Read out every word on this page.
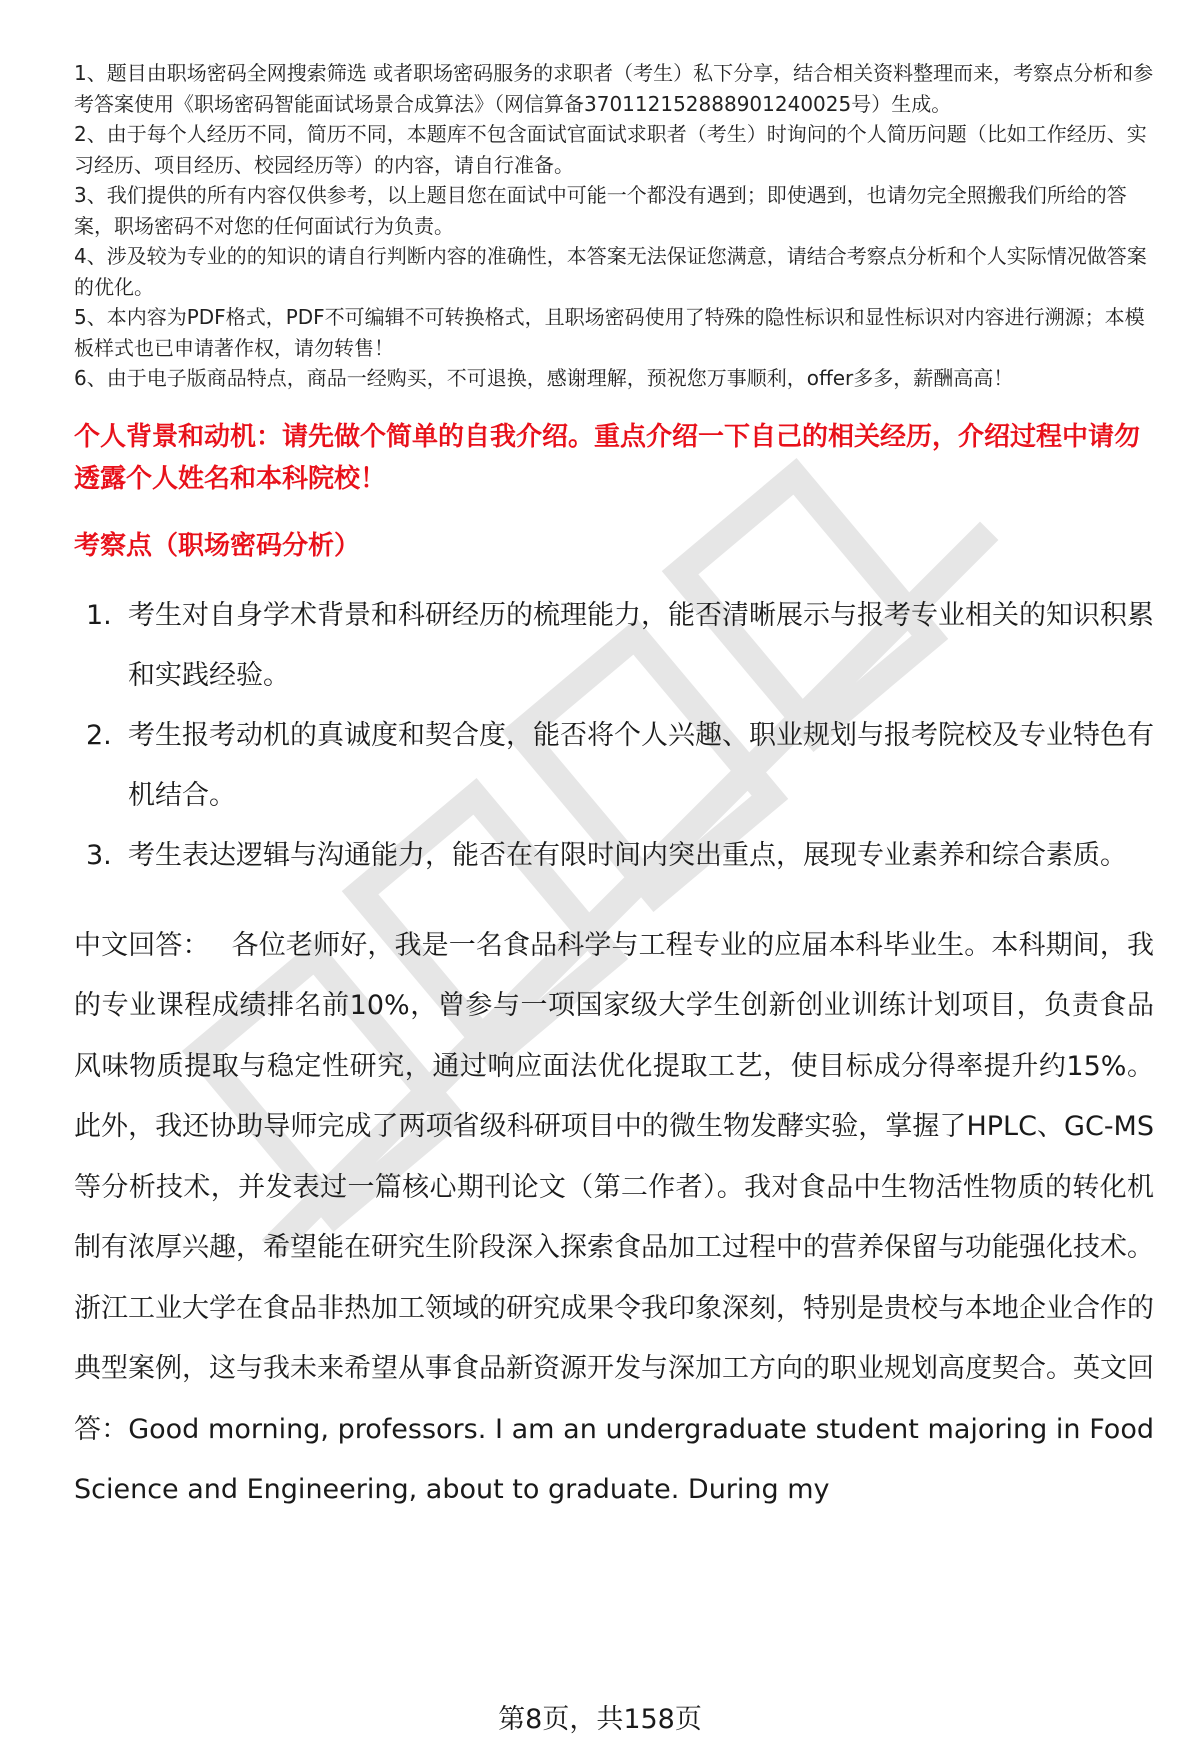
1、题目由职场密码全网搜索筛选 或者职场密码服务的求职者（考生）私下分享，结合相关资料整理而来，考察点分析和参考答案使用《职场密码智能面试场景合成算法》（网信算备370112152888901240025号）生成。

2、由于每个人经历不同，简历不同，本题库不包含面试官面试求职者（考生）时询问的个人简历问题（比如工作经历、实习经历、项目经历、校园经历等）的内容，请自行准备。

3、我们提供的所有内容仅供参考，以上题目您在面试中可能一个都没有遇到；即使遇到，也请勿完全照搬我们所给的答案，职场密码不对您的任何面试行为负责。

4、涉及较为专业的的知识的请自行判断内容的准确性，本答案无法保证您满意，请结合考察点分析和个人实际情况做答案的优化。

5、本内容为PDF格式，PDF不可编辑不可转换格式，且职场密码使用了特殊的隐性标识和显性标识对内容进行溯源；本模板样式也已申请著作权，请勿转售！

6、由于电子版商品特点，商品一经购买，不可退换，感谢理解，预祝您万事顺利，offer多多，薪酬高高！

个人背景和动机：请先做个简单的自我介绍。重点介绍一下自己的相关经历，介绍过程中请勿透露个人姓名和本科院校！
考察点（职场密码分析）
1. 考生对自身学术背景和科研经历的梳理能力，能否清晰展示与报考专业相关的知识积累和实践经验。
2. 考生报考动机的真诚度和契合度，能否将个人兴趣、职业规划与报考院校及专业特色有机结合。
3. 考生表达逻辑与沟通能力，能否在有限时间内突出重点，展现专业素养和综合素质。
中文回答： 各位老师好，我是一名食品科学与工程专业的应届本科毕业生。本科期间，我的专业课程成绩排名前10%，曾参与一项国家级大学生创新创业训练计划项目，负责食品风味物质提取与稳定性研究，通过响应面法优化提取工艺，使目标成分得率提升约15%。此外，我还协助导师完成了两项省级科研项目中的微生物发酵实验，掌握了HPLC、GC-MS等分析技术，并发表过一篇核心期刊论文（第二作者）。我对食品中生物活性物质的转化机制有浓厚兴趣，希望能在研究生阶段深入探索食品加工过程中的营养保留与功能强化技术。浙江工业大学在食品非热加工领域的研究成果令我印象深刻，特别是贵校与本地企业合作的典型案例，这与我未来希望从事食品新资源开发与深加工方向的职业规划高度契合。英文回答：Good morning, professors. I am an undergraduate student majoring in Food Science and Engineering, about to graduate. During my
第8页，共158页
